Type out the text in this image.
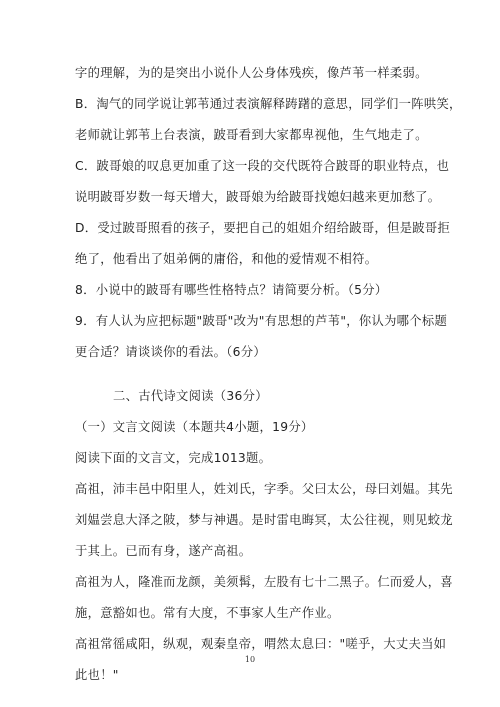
字的理解，为的是突出小说仆人公身体残疾，像芦苇一样柔弱。
B．淘气的同学说让郭苇通过表演解释踌躇的意思，同学们一阵哄笑，
老师就让郭苇上台表演，跛哥看到大家都卑视他，生气地走了。
C．跛哥娘的叹息更加重了这一段的交代既符合跛哥的职业特点，也
说明跛哥岁数一每天增大，跛哥娘为给跛哥找媳妇越来更加愁了。
D．受过跛哥照看的孩子，要把自己的姐姐介绍给跛哥，但是跛哥拒
绝了，他看出了姐弟俩的庸俗，和他的爱情观不相符。
8．小说中的跛哥有哪些性格特点？请简要分析。（5分）
9．有人认为应把标题"跛哥"改为"有思想的芦苇"，你认为哪个标题
更合适？请谈谈你的看法。（6分）
二、古代诗文阅读（36分）
（一）文言文阅读（本题共4小题，19分）
阅读下面的文言文，完成1013题。
高祖，沛丰邑中阳里人，姓刘氏，字季。父曰太公，母曰刘媪。其先
刘媪尝息大泽之陂，梦与神遇。是时雷电晦冥，太公往视，则见蛟龙
于其上。已而有身，遂产高祖。
高祖为人，隆准而龙颜，美须髯，左股有七十二黑子。仁而爱人，喜
施，意豁如也。常有大度，不事家人生产作业。
高祖常徭咸阳，纵观，观秦皇帝，喟然太息曰："嗟乎，大丈夫当如
此也！"
10
